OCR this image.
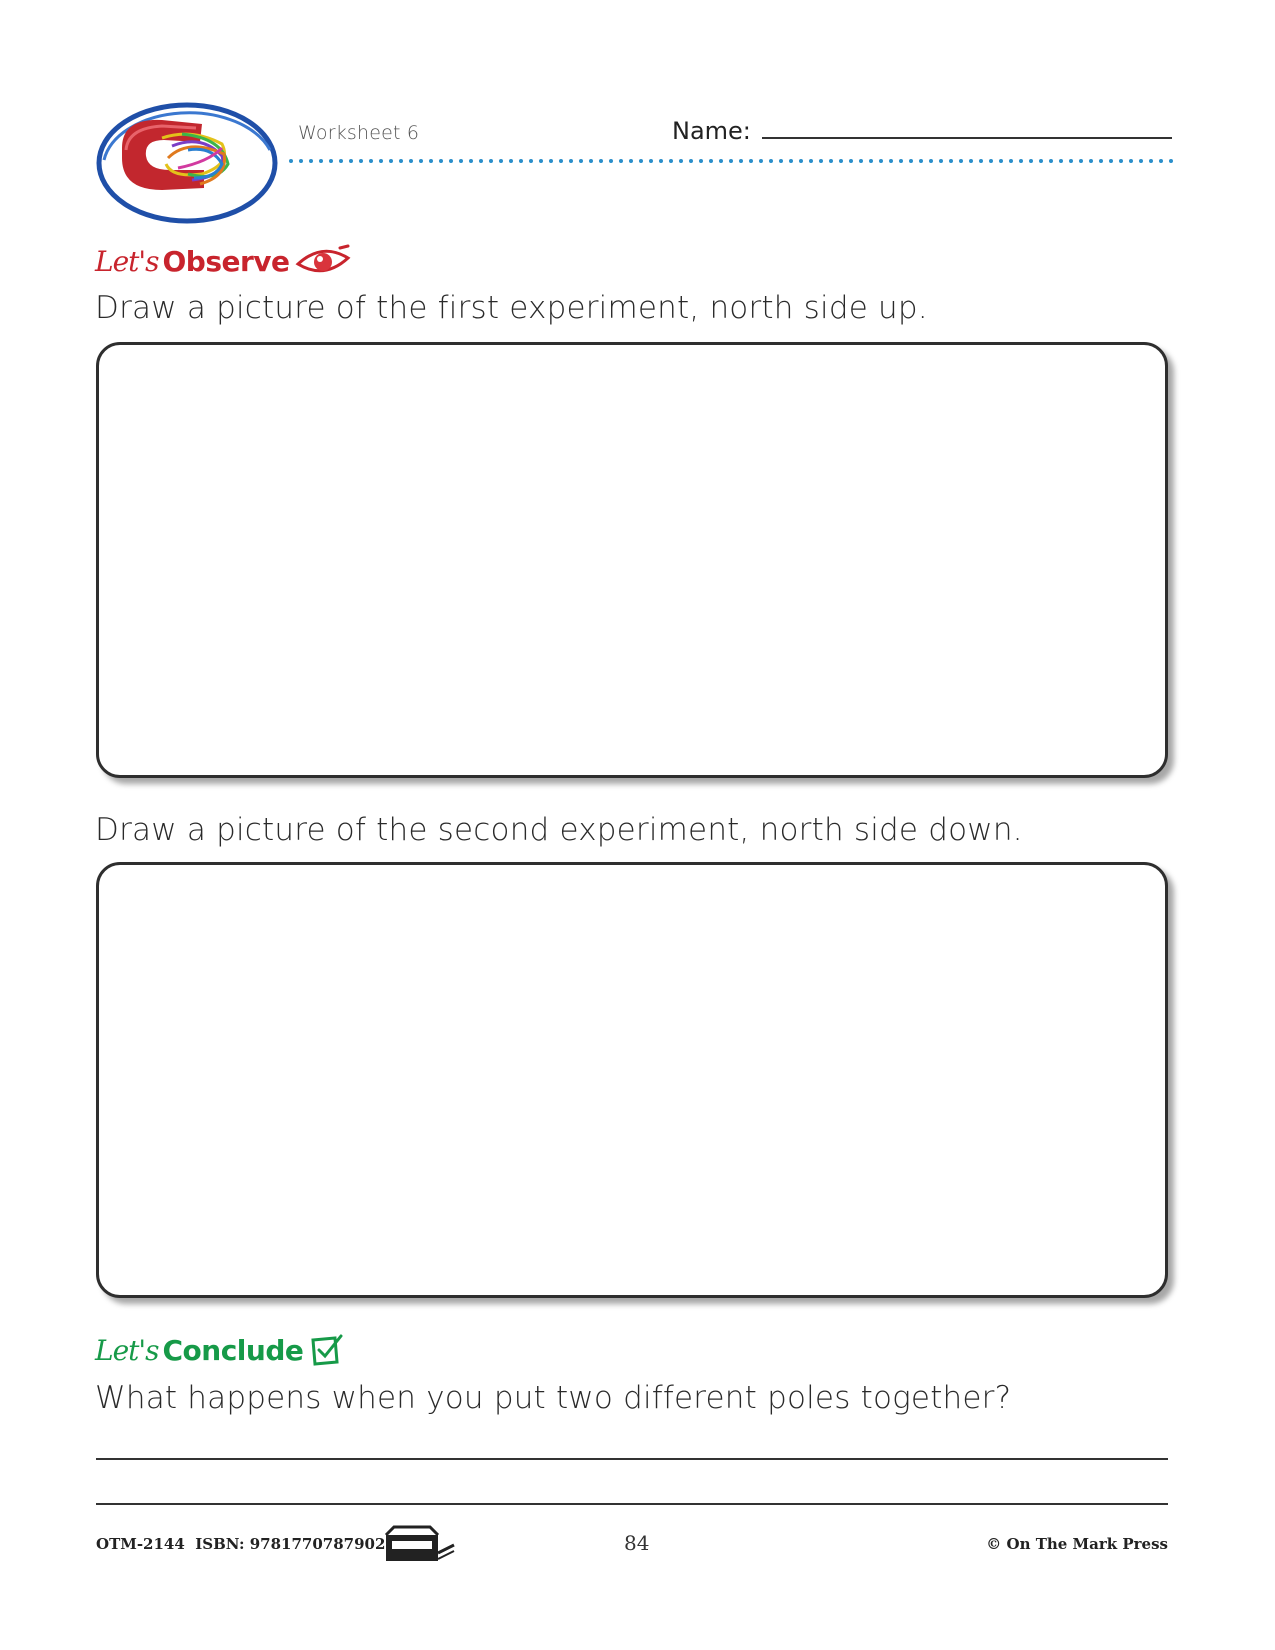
Worksheet 6	Name:
Let's Observe
Draw a picture of the first experiment, north side up.
Draw a picture of the second experiment, north side down.
Let's Conclude
What happens when you put two different poles together?
OTM-2144  ISBN: 9781770787902	84	© On The Mark Press
